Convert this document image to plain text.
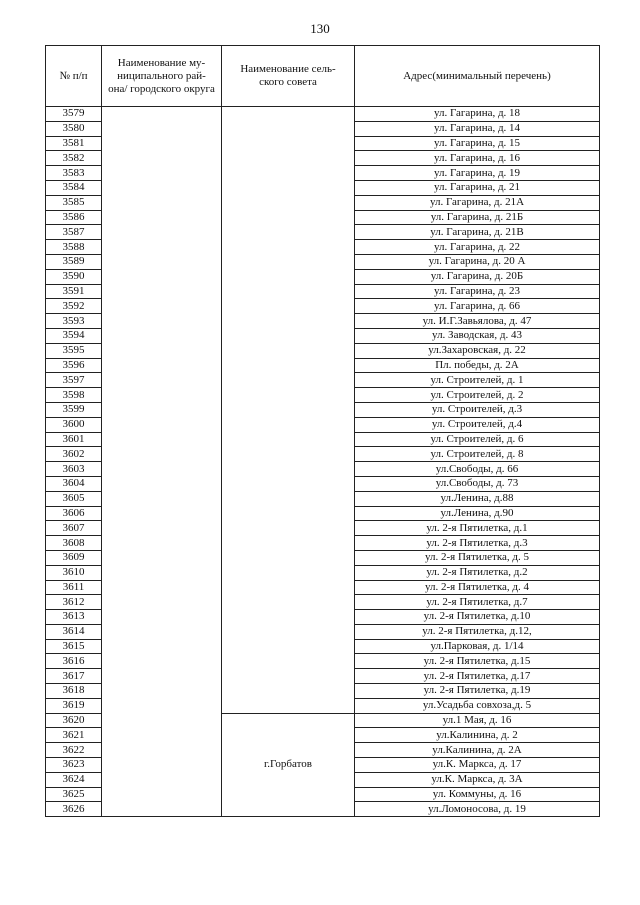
130
№ п/п	Наименование му-ниципального рай-она/ городского округа	Наименование сель-ского совета	Адрес(минимальный перечень)
3579			ул. Гагарина, д. 18
3580			ул. Гагарина, д. 14
3581			ул. Гагарина, д. 15
3582			ул. Гагарина, д. 16
3583			ул. Гагарина, д. 19
3584			ул. Гагарина, д. 21
3585			ул. Гагарина, д. 21А
3586			ул. Гагарина, д. 21Б
3587			ул. Гагарина, д. 21В
3588			ул. Гагарина, д. 22
3589			ул. Гагарина, д. 20 А
3590			ул. Гагарина, д. 20Б
3591			ул. Гагарина, д. 23
3592			ул. Гагарина, д. 66
3593			ул. И.Г.Завьялова, д. 47
3594			ул. Заводская, д. 43
3595			ул.Захаровская, д. 22
3596			Пл. победы, д. 2А
3597			ул. Строителей, д. 1
3598			ул. Строителей, д. 2
3599			ул. Строителей, д.3
3600			ул. Строителей, д.4
3601			ул. Строителей, д. 6
3602			ул. Строителей, д. 8
3603			ул.Свободы, д. 66
3604			ул.Свободы, д. 73
3605			ул.Ленина, д.88
3606			ул.Ленина, д.90
3607			ул. 2-я Пятилетка, д.1
3608			ул. 2-я Пятилетка, д.3
3609			ул. 2-я Пятилетка, д. 5
3610			ул. 2-я Пятилетка, д.2
3611			ул. 2-я Пятилетка, д. 4
3612			ул. 2-я Пятилетка, д.7
3613			ул. 2-я Пятилетка, д.10
3614			ул. 2-я Пятилетка, д.12,
3615			ул.Парковая, д. 1/14
3616			ул. 2-я Пятилетка, д.15
3617			ул. 2-я Пятилетка, д.17
3618			ул. 2-я Пятилетка, д.19
3619			ул.Усадьба совхоза,д. 5
3620		г.Горбатов	ул.1 Мая, д. 16
3621			ул.Калинина, д. 2
3622			ул.Калинина, д. 2А
3623			ул.К. Маркса, д. 17
3624			ул.К. Маркса, д. 3А
3625			ул. Коммуны, д. 16
3626			ул.Ломоносова, д. 19
